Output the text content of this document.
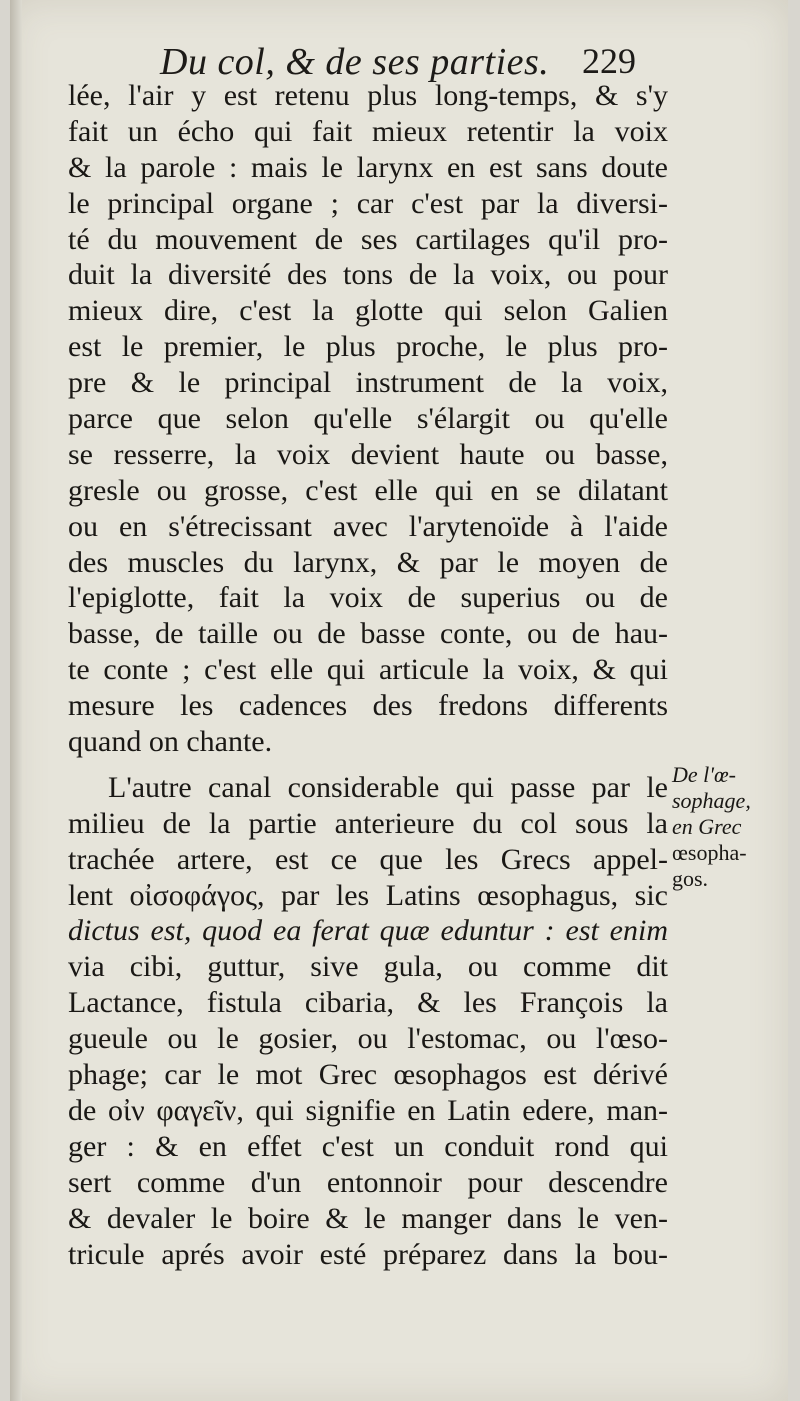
Du col, & de ses parties. 229
lée, l'air y est retenu plus long-temps, & s'y
fait un écho qui fait mieux retentir la voix
& la parole : mais le larynx en est sans doute
le principal organe ; car c'est par la diversi-
té du mouvement de ses cartilages qu'il pro-
duit la diversité des tons de la voix, ou pour
mieux dire, c'est la glotte qui selon Galien
est le premier, le plus proche, le plus pro-
pre & le principal instrument de la voix,
parce que selon qu'elle s'élargit ou qu'elle
se resserre, la voix devient haute ou basse,
gresle ou grosse, c'est elle qui en se dilatant
ou en s'étrecissant avec l'arytenoïde à l'aide
des muscles du larynx, & par le moyen de
l'epiglotte, fait la voix de superius ou de
basse, de taille ou de basse conte, ou de hau-
te conte ; c'est elle qui articule la voix, & qui
mesure les cadences des fredons differents
quand on chante.
L'autre canal considerable qui passe par le
milieu de la partie anterieure du col sous la
trachée artere, est ce que les Grecs appel-
lent οἰσοφάγος, par les Latins œsophagus, sic
dictus est, quod ea ferat quæ eduntur : est enim
via cibi, guttur, sive gula, ou comme dit
Lactance, fistula cibaria, & les François la
gueule ou le gosier, ou l'estomac, ou l'œso-
phage; car le mot Grec œsophagos est dérivé
de οἰν φαγεῖν, qui signifie en Latin edere, man-
ger : & en effet c'est un conduit rond qui
sert comme d'un entonnoir pour descendre
& devaler le boire & le manger dans le ven-
tricule aprés avoir esté préparez dans la bou-
De l'œ-
sophage,
en Grec
œsopha-
gos.
